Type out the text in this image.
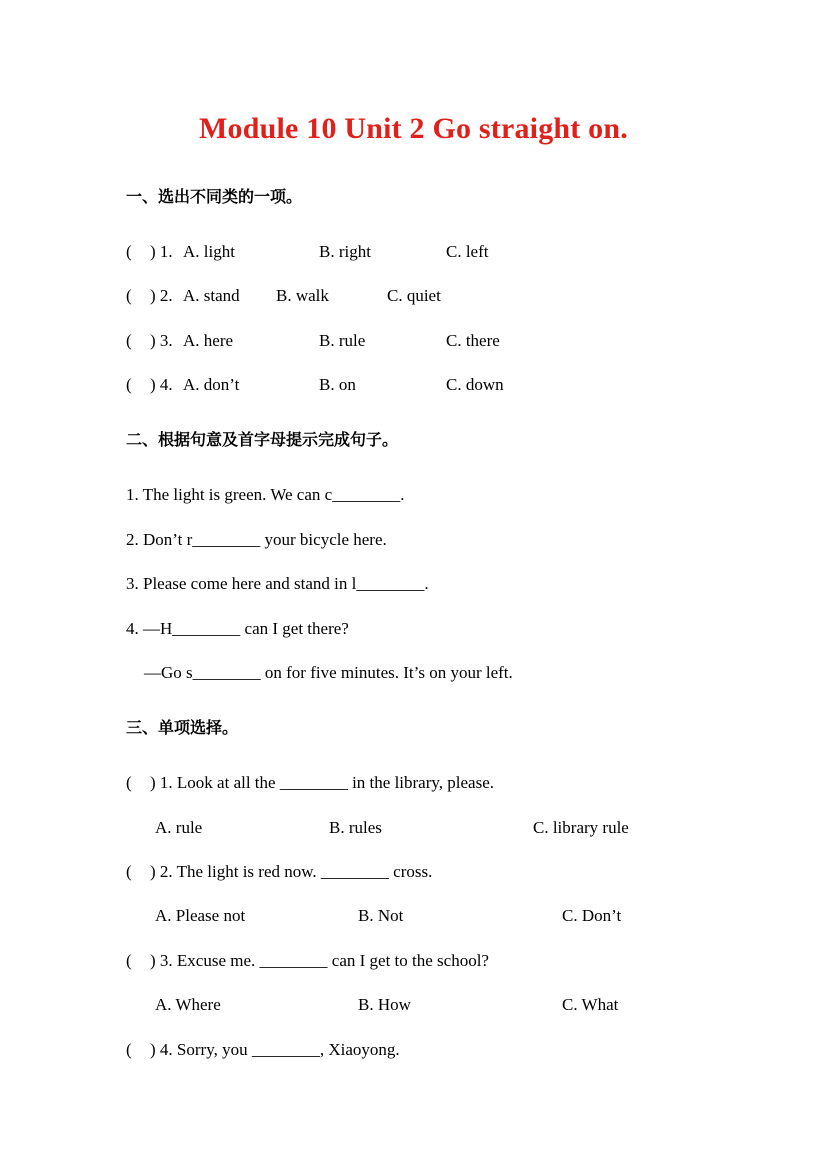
Module 10 Unit 2 Go straight on.
一、选出不同类的一项。
(	) 1. A. light	B. right	C. left
(	) 2. A. stand B. walk	C. quiet
(	) 3. A. here	B. rule	C. there
(	) 4. A. don’t	B. on	C. down
二、根据句意及首字母提示完成句子。
1. The light is green. We can c________.
2. Don’t r________ your bicycle here.
3. Please come here and stand in l________.
4. —H________ can I get there?
—Go s________ on for five minutes. It’s on your left.
三、单项选择。
(	) 1. Look at all the ________ in the library, please.
A. rule	B. rules	C. library rule
(	) 2. The light is red now. ________ cross.
A. Please not	B. Not	C. Don’t
(	) 3. Excuse me. ________ can I get to the school?
A. Where	B. How	C. What
(	) 4. Sorry, you ________, Xiaoyong.
